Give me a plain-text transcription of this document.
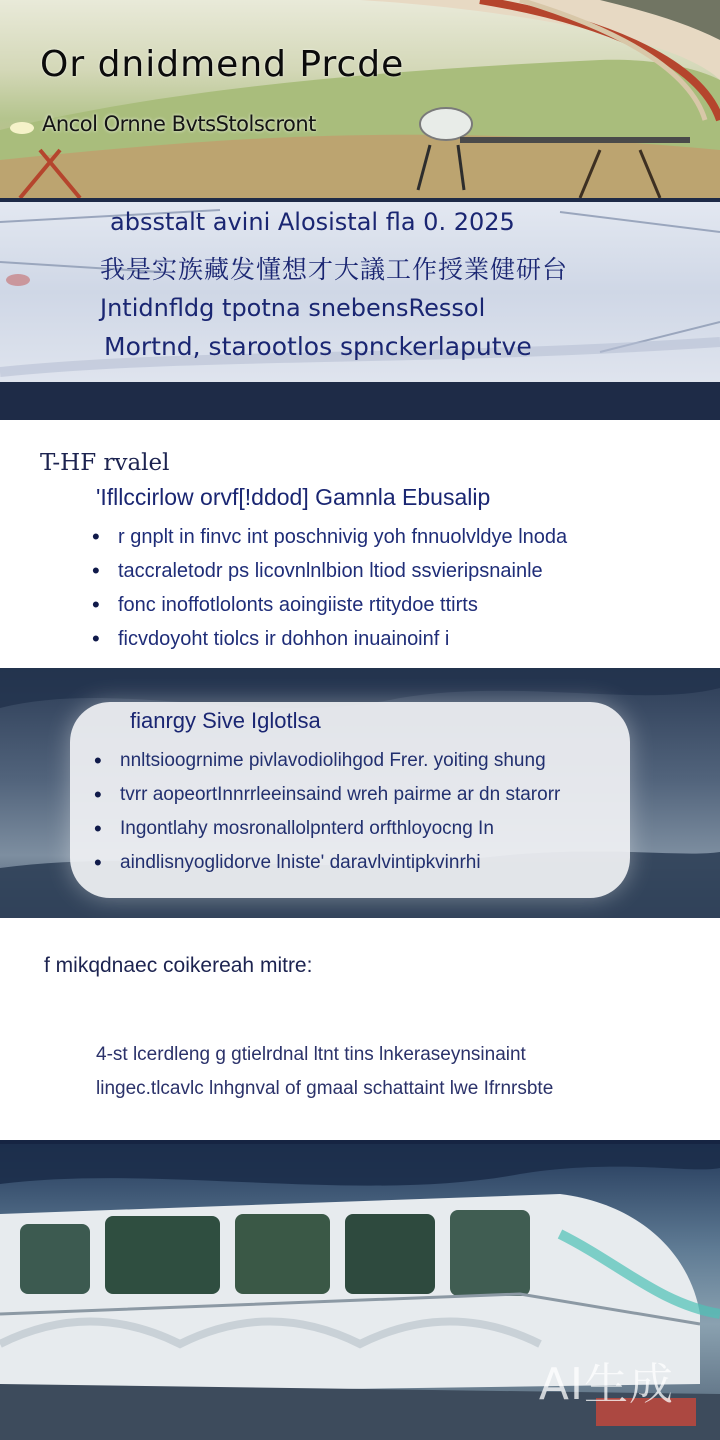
Or dnidmend Prcde

Ancol Ornne BvtsStolscront

absstalt avini Alosistal fla 0. 2025

我是实族藏发懂想才大議工作授業健研台

Jntidnfldg tpotna snebensRessol

Mortnd, starootlos spnckerlaputve

T-HF rvalel
'Ifllccirlow orvf[!ddod] Gamnla Ebusalip
• r gnplt in finvc int poschnivig yoh fnnuolvldye lnoda
• taccraletodr ps licovnlnlbion ltiod ssvieripsnainle
• fonc inoffotlolonts aoingiiste rtitydoe ttirts
• ficvdoyoht tiolcs ir dohhon inuainoinf i
fianrgy Sive Iglotlsa
• nnltsioogrnime pivlavodiolihgod Frer. yoiting shung
• tvrr aopeortInnrrleeinsaind wreh pairme ar dn starorr
• Ingontlahy mosronallolpnterd orfthloyocng In
• aindlisnyoglidorve lniste' daravlvintipkvinrhi
f mikqdnaec coikereah mitre:
4-st lcerdleng g gtielrdnal ltnt tins lnkeraseynsinaint
lingec.tlcavlc lnhgnval of gmaal schattaint lwe Ifrnrsbte

AI生成
